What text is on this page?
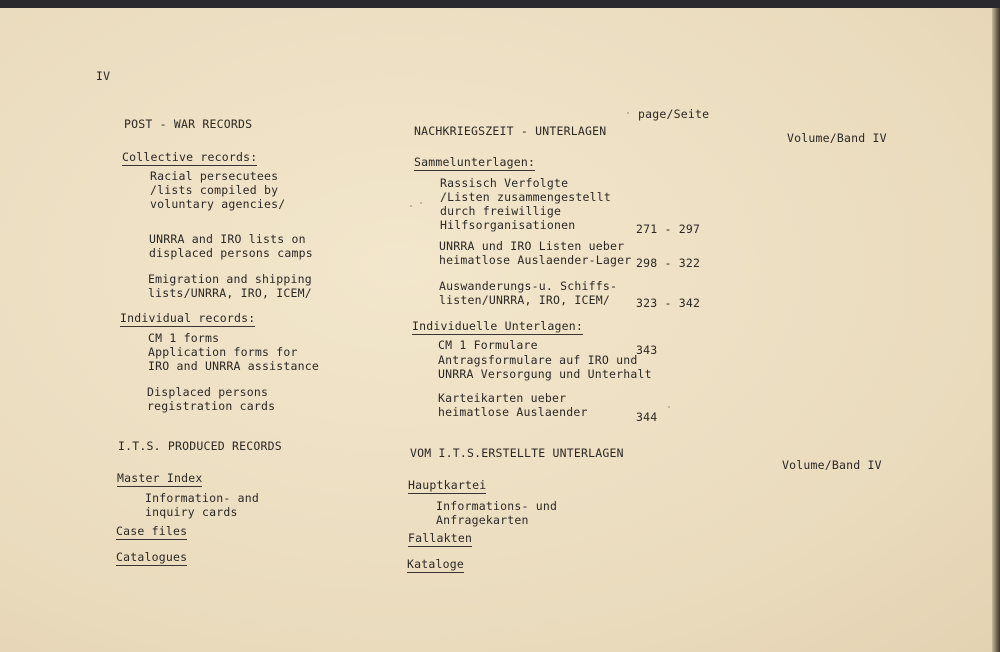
IV
page/Seite
Volume/Band IV
POST - WAR RECORDS
Collective records:
Racial persecutees
/lists compiled by
voluntary agencies/
UNRRA and IRO lists on
displaced persons camps
Emigration and shipping
lists/UNRRA, IRO, ICEM/
Individual records:
CM 1 forms
Application forms for
IRO and UNRRA assistance
Displaced persons
registration cards
I.T.S. PRODUCED RECORDS
Master Index
Information- and
inquiry cards
Case files
Catalogues
NACHKRIEGSZEIT - UNTERLAGEN
Sammelunterlagen:
Rassisch Verfolgte
/Listen zusammengestellt
durch freiwillige
Hilfsorganisationen	271 - 297
UNRRA und IRO Listen ueber
heimatlose Auslaender-Lager 298 - 322
Auswanderungs-u. Schiffs-
listen/UNRRA, IRO, ICEM/ 323 - 342
Individuelle Unterlagen:
CM 1 Formulare
Antragsformulare auf IRO und
UNRRA Versorgung und Unterhalt
343
Karteikarten ueber
heimatlose Auslaender	344
VOM I.T.S.ERSTELLTE UNTERLAGEN
Volume/Band IV
Hauptkartei
Informations- und
Anfragekarten
Fallakten
Kataloge
